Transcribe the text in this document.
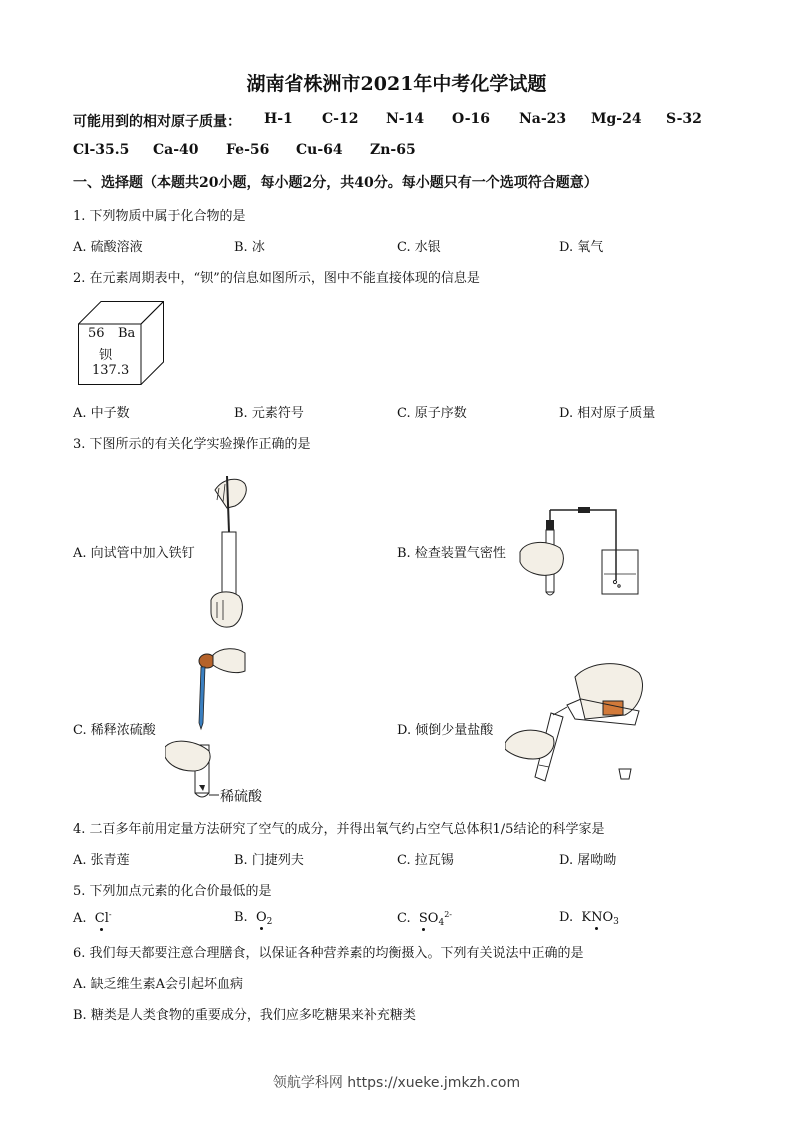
湖南省株洲市2021年中考化学试题
可能用到的相对原子质量： H-1 C-12 N-14 O-16 Na-23 Mg-24 S-32
Cl-35.5 Ca-40 Fe-56 Cu-64 Zn-65
一、选择题（本题共20小题，每小题2分，共40分。每小题只有一个选项符合题意）
1. 下列物质中属于化合物的是
A. 硫酸溶液	B. 冰	C. 水银	D. 氧气
2. 在元素周期表中，“钡”的信息如图所示，图中不能直接体现的信息是
56 Ba
钡
137.3
A. 中子数	B. 元素符号	C. 原子序数	D. 相对原子质量
3. 下图所示的有关化学实验操作正确的是
A. 向试管中加入铁钉	B. 检查装置气密性
稀硫酸
C. 稀释浓硫酸	D. 倾倒少量盐酸
4. 二百多年前用定量方法研究了空气的成分，并得出氧气约占空气总体积1/5结论的科学家是
A. 张青莲	B. 门捷列夫	C. 拉瓦锡	D. 屠呦呦
5. 下列加点元素的化合价最低的是
A. Cl-	B. $O_2$	C. $SO_4^{2-}$	D. $KNO_3$
6. 我们每天都要注意合理膳食，以保证各种营养素的均衡摄入。下列有关说法中正确的是
A. 缺乏维生素A会引起坏血病
B. 糖类是人类食物的重要成分，我们应多吃糖果来补充糖类
领航学科网 https://xueke.jmkzh.com
